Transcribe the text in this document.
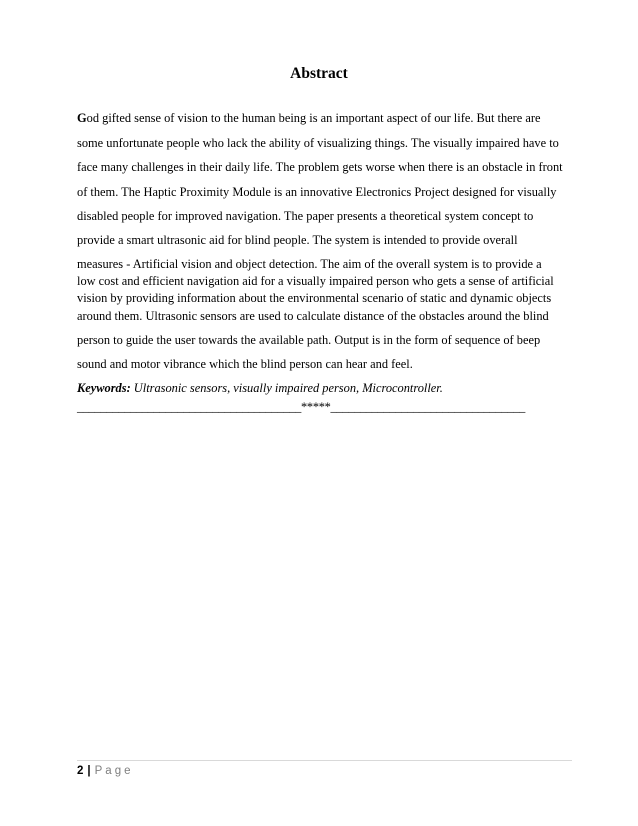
Abstract
God gifted sense of vision to the human being is an important aspect of our life. But there are
some unfortunate people who lack the ability of visualizing things. The visually impaired have to
face many challenges in their daily life. The problem gets worse when there is an obstacle in front
of them. The Haptic Proximity Module is an innovative Electronics Project designed for visually
disabled people for improved navigation. The paper presents a theoretical system concept to
provide a smart ultrasonic aid for blind people. The system is intended to provide overall
measures - Artificial vision and object detection. The aim of the overall system is to provide a
low cost and efficient navigation aid for a visually impaired person who gets a sense of artificial
vision by providing information about the environmental scenario of static and dynamic objects
around them. Ultrasonic sensors are used to calculate distance of the obstacles around the blind
person to guide the user towards the available path. Output is in the form of sequence of beep
sound and motor vibrance which the blind person can hear and feel.
Keywords: Ultrasonic sensors, visually impaired person, Microcontroller.
______________________________________*****_________________________________
2 | Page
